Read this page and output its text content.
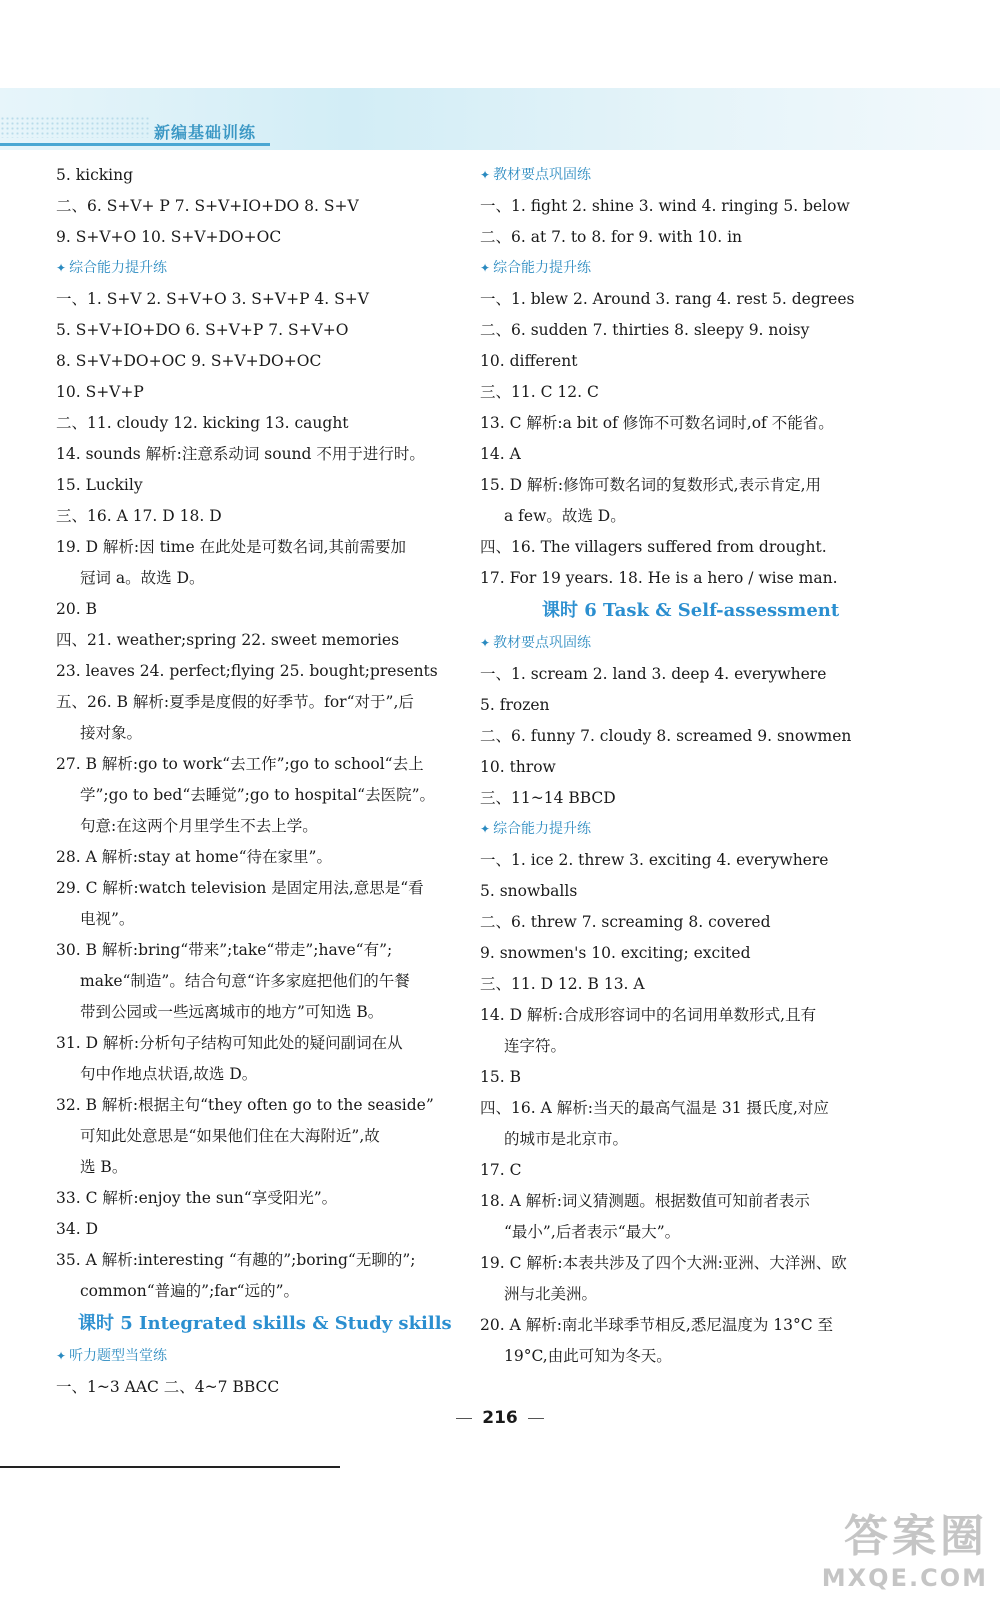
新编基础训练
5. kicking
二、6. S+V+ P 7. S+V+IO+DO 8. S+V
9. S+V+O 10. S+V+DO+OC
✦ 综合能力提升练
一、1. S+V 2. S+V+O 3. S+V+P 4. S+V
5. S+V+IO+DO 6. S+V+P 7. S+V+O
8. S+V+DO+OC 9. S+V+DO+OC
10. S+V+P
二、11. cloudy 12. kicking 13. caught
14. sounds 解析:注意系动词 sound 不用于进行时。
15. Luckily
三、16. A 17. D 18. D
19. D 解析:因 time 在此处是可数名词,其前需要加
冠词 a。故选 D。
20. B
四、21. weather;spring 22. sweet memories
23. leaves 24. perfect;flying 25. bought;presents
五、26. B 解析:夏季是度假的好季节。for“对于”,后
接对象。
27. B 解析:go to work“去工作”;go to school“去上
学”;go to bed“去睡觉”;go to hospital“去医院”。
句意:在这两个月里学生不去上学。
28. A 解析:stay at home“待在家里”。
29. C 解析:watch television 是固定用法,意思是“看
电视”。
30. B 解析:bring“带来”;take“带走”;have“有”;
make“制造”。结合句意“许多家庭把他们的午餐
带到公园或一些远离城市的地方”可知选 B。
31. D 解析:分析句子结构可知此处的疑问副词在从
句中作地点状语,故选 D。
32. B 解析:根据主句“they often go to the seaside”
可知此处意思是“如果他们住在大海附近”,故
选 B。
33. C 解析:enjoy the sun“享受阳光”。
34. D
35. A 解析:interesting “有趣的”;boring“无聊的”;
common“普遍的”;far“远的”。
课时 5 Integrated skills & Study skills
✦ 听力题型当堂练
一、1~3 AAC 二、4~7 BBCC
✦ 教材要点巩固练
一、1. fight 2. shine 3. wind 4. ringing 5. below
二、6. at 7. to 8. for 9. with 10. in
✦ 综合能力提升练
一、1. blew 2. Around 3. rang 4. rest 5. degrees
二、6. sudden 7. thirties 8. sleepy 9. noisy
10. different
三、11. C 12. C
13. C 解析:a bit of 修饰不可数名词时,of 不能省。
14. A
15. D 解析:修饰可数名词的复数形式,表示肯定,用
a few。故选 D。
四、16. The villagers suffered from drought.
17. For 19 years. 18. He is a hero / wise man.
课时 6 Task & Self-assessment
✦ 教材要点巩固练
一、1. scream 2. land 3. deep 4. everywhere
5. frozen
二、6. funny 7. cloudy 8. screamed 9. snowmen
10. throw
三、11~14 BBCD
✦ 综合能力提升练
一、1. ice 2. threw 3. exciting 4. everywhere
5. snowballs
二、6. threw 7. screaming 8. covered
9. snowmen's 10. exciting; excited
三、11. D 12. B 13. A
14. D 解析:合成形容词中的名词用单数形式,且有
连字符。
15. B
四、16. A 解析:当天的最高气温是 31 摄氏度,对应
的城市是北京市。
17. C
18. A 解析:词义猜测题。根据数值可知前者表示
“最小”,后者表示“最大”。
19. C 解析:本表共涉及了四个大洲:亚洲、大洋洲、欧
洲与北美洲。
20. A 解析:南北半球季节相反,悉尼温度为 13°C 至
19°C,由此可知为冬天。
216
答案圈
MXQE.COM
